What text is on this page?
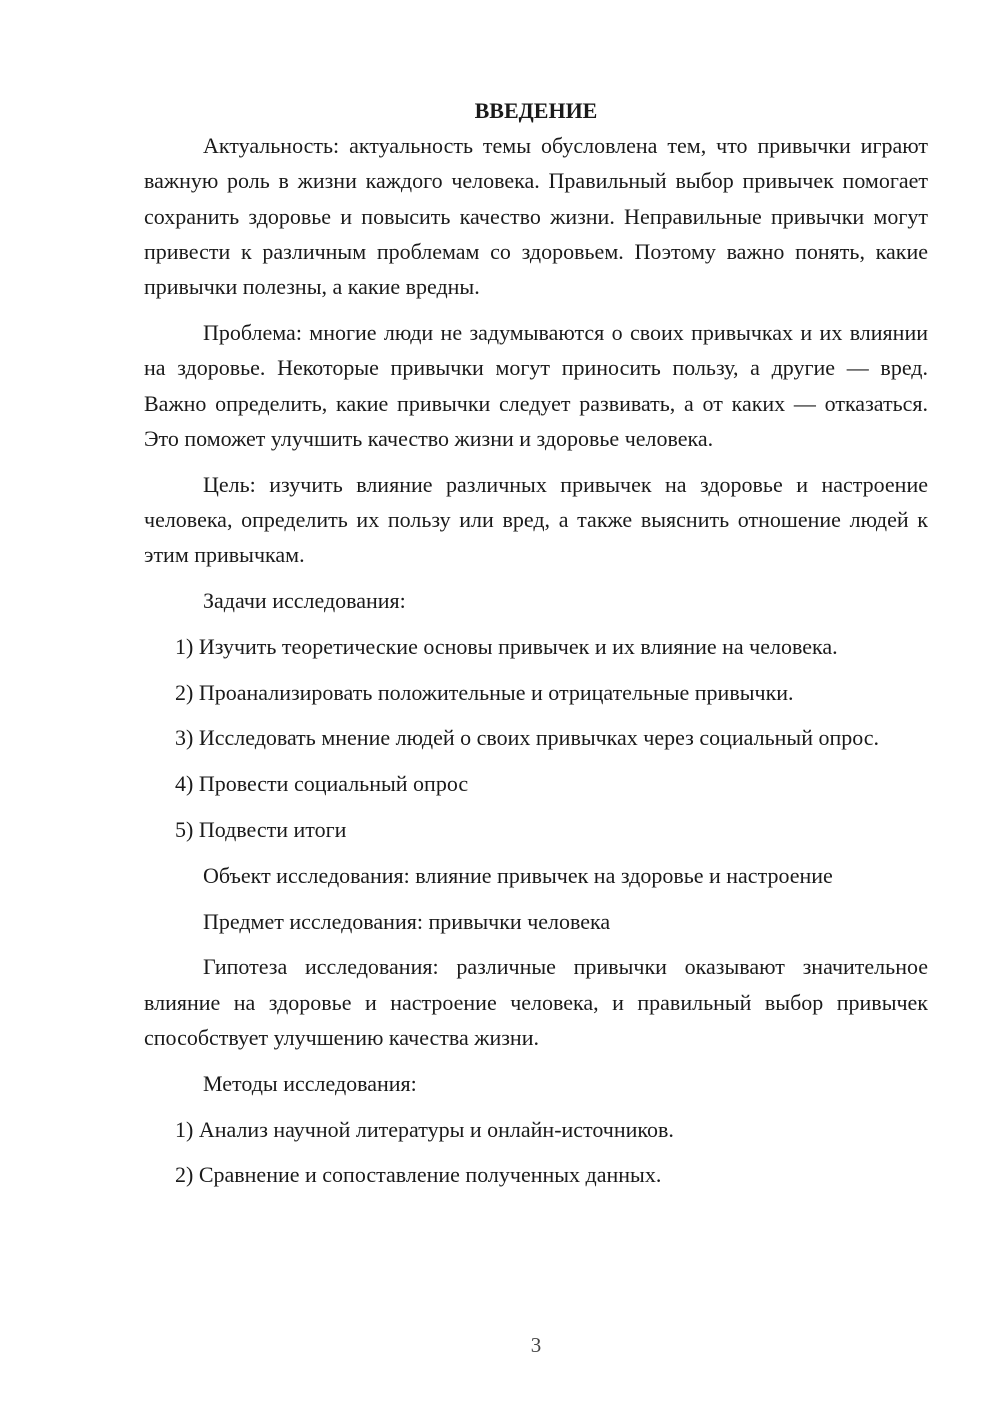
ВВЕДЕНИЕ

Актуальность: актуальность темы обусловлена тем, что привычки играют важную роль в жизни каждого человека. Правильный выбор привычек помогает сохранить здоровье и повысить качество жизни. Неправильные привычки могут привести к различным проблемам со здоровьем. Поэтому важно понять, какие привычки полезны, а какие вредны.

Проблема: многие люди не задумываются о своих привычках и их влиянии на здоровье. Некоторые привычки могут приносить пользу, а другие — вред. Важно определить, какие привычки следует развивать, а от каких — отказаться. Это поможет улучшить качество жизни и здоровье человека.

Цель: изучить влияние различных привычек на здоровье и настроение человека, определить их пользу или вред, а также выяснить отношение людей к этим привычкам.

Задачи исследования:

1) Изучить теоретические основы привычек и их влияние на человека.

2) Проанализировать положительные и отрицательные привычки.

3) Исследовать мнение людей о своих привычках через социальный опрос.

4) Провести социальный опрос

5) Подвести итоги

Объект исследования: влияние привычек на здоровье и настроение

Предмет исследования: привычки человека

Гипотеза исследования: различные привычки оказывают значительное влияние на здоровье и настроение человека, и правильный выбор привычек способствует улучшению качества жизни.

Методы исследования:

1) Анализ научной литературы и онлайн-источников.

2) Сравнение и сопоставление полученных данных.

3
